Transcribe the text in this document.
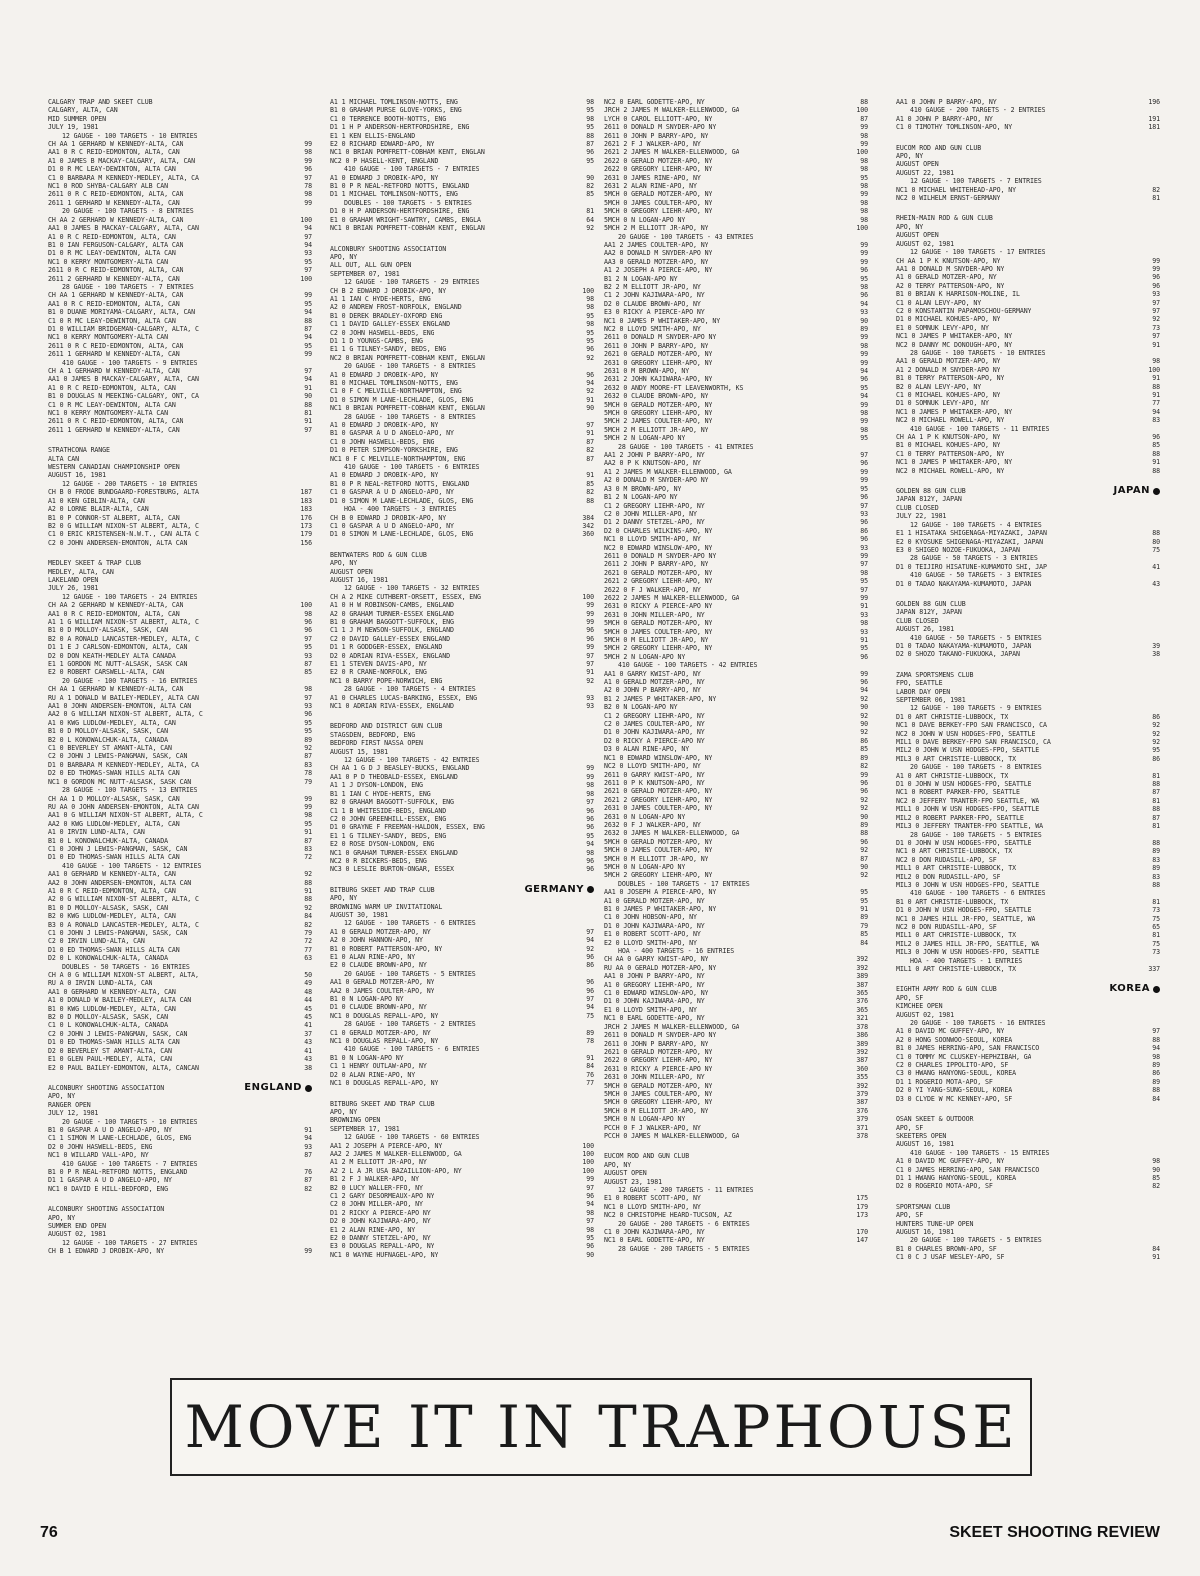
CALGARY TRAP AND SKEET CLUB
CALGARY, ALTA, CAN
MID SUMMER OPEN
JULY 19, 1981
12 GAUGE - 100 TARGETS - 10 ENTRIES
CH AA 1 GERHARD W KENNEDY-ALTA, CAN	99
AA1 0 R C REID-EDMONTON, ALTA, CAN	98
A1 0 JAMES B MACKAY-CALGARY, ALTA, CAN	99
D1 0 R MC LEAY-DEWINTON, ALTA CAN	96
C1 0 BARBARA M KENNEDY-MEDLEY, ALTA, CA	97
NC1 0 ROD SHYBA-CALGARY ALB CAN	78
2611 0 R C REID-EDMONTON, ALTA, CAN	98
2611 1 GERHARD W KENNEDY-ALTA, CAN	99
20 GAUGE - 100 TARGETS - 8 ENTRIES
CH AA 2 GERHARD W KENNEDY-ALTA, CAN	100
AA1 0 JAMES B MACKAY-CALGARY, ALTA, CAN	94
A1 0 R C REID-EDMONTON, ALTA, CAN	97
B1 0 IAN FERGUSON-CALGARY, ALTA CAN	94
D1 0 R MC LEAY-DEWINTON, ALTA CAN	93
NC1 0 KERRY MONTGOMERY-ALTA CAN	95
2611 0 R C REID-EDMONTON, ALTA, CAN	97
2611 2 GERHARD W KENNEDY-ALTA, CAN	100
28 GAUGE - 100 TARGETS - 7 ENTRIES
CH AA 1 GERHARD W KENNEDY-ALTA, CAN	99
AA1 0 R C REID-EDMONTON, ALTA, CAN	95
B1 0 DUANE MORIYAMA-CALGARY, ALTA, CAN	94
C1 0 R MC LEAY-DEWINTON, ALTA CAN	88
D1 0 WILLIAM BRIDGEMAN-CALGARY, ALTA, C	87
NC1 0 KERRY MONTGOMERY-ALTA CAN	94
2611 0 R C REID-EDMONTON, ALTA, CAN	95
2611 1 GERHARD W KENNEDY-ALTA, CAN	99
410 GAUGE - 100 TARGETS - 9 ENTRIES
CH A 1 GERHARD W KENNEDY-ALTA, CAN	97
AA1 0 JAMES B MACKAY-CALGARY, ALTA, CAN	94
A1 0 R C REID-EDMONTON, ALTA, CAN	91
B1 0 DOUGLAS N MEEKING-CALGARY, ONT, CA	90
C1 0 R MC LEAY-DEWINTON, ALTA CAN	88
NC1 0 KERRY MONTGOMERY-ALTA CAN	81
2611 0 R C REID-EDMONTON, ALTA, CAN	91
2611 1 GERHARD W KENNEDY-ALTA, CAN	97
STRATHCONA RANGE
ALTA CAN
WESTERN CANADIAN CHAMPIONSHIP OPEN
AUGUST 16, 1981
12 GAUGE - 200 TARGETS - 10 ENTRIES
CH B 0 FRODE BUNDGAARD-FORESTBURG, ALTA	187
A1 0 KEN GIBLIN-ALTA, CAN	183
A2 0 LORNE BLAIR-ALTA, CAN	183
B1 0 P CONNOR-ST ALBERT, ALTA, CAN	176
B2 0 G WILLIAM NIXON-ST ALBERT, ALTA, C	173
C1 0 ERIC KRISTENSEN-N.W.T., CAN ALTA C	179
C2 0 JOHN ANDERSEN-EMONTON, ALTA CAN	156
MEDLEY SKEET & TRAP CLUB
MEDLEY, ALTA, CAN
LAKELAND OPEN
JULY 26, 1981
12 GAUGE - 100 TARGETS - 24 ENTRIES
CH AA 2 GERHARD W KENNEDY-ALTA, CAN	100
AA1 0 R C REID-EDMONTON, ALTA, CAN	98
A1 1 G WILLIAM NIXON-ST ALBERT, ALTA, C	96
B1 0 D MOLLOY-ALSASK, SASK, CAN	96
B2 0 A RONALD LANCASTER-MEDLEY, ALTA, C	97
D1 1 E J CARLSON-EDMONTON, ALTA, CAN	95
D2 0 DON KEATH-MEDLEY ALTA CANADA	93
E1 1 GORDON MC NUTT-ALSASK, SASK CAN	87
E2 0 ROBERT CARSWELL-ALTA, CAN	85
20 GAUGE - 100 TARGETS - 16 ENTRIES
CH AA 1 GERHARD W KENNEDY-ALTA, CAN	98
RU A 1 DONALD W BAILEY-MEDLEY, ALTA CAN	97
AA1 0 JOHN ANDERSEN-EMONTON, ALTA CAN	93
AA2 0 G WILLIAM NIXON-ST ALBERT, ALTA, C	96
A1 0 KWG LUDLOW-MEDLEY, ALTA, CAN	95
B1 0 D MOLLOY-ALSASK, SASK, CAN	95
B2 0 L KONOWALCHUK-ALTA, CANADA	89
C1 0 BEVERLEY ST AMANT-ALTA, CAN	92
C2 0 JOHN J LEWIS-PANGMAN, SASK, CAN	87
D1 0 BARBARA M KENNEDY-MEDLEY, ALTA, CA	83
D2 0 ED THOMAS-SWAN HILLS ALTA CAN	78
NC1 0 GORDON MC NUTT-ALSASK, SASK CAN	79
28 GAUGE - 100 TARGETS - 13 ENTRIES
CH AA 1 D MOLLOY-ALSASK, SASK, CAN	99
RU AA 0 JOHN ANDERSEN-EMONTON, ALTA CAN	99
AA1 0 G WILLIAM NIXON-ST ALBERT, ALTA, C	98
AA2 0 KWG LUDLOW-MEDLEY, ALTA, CAN	95
A1 0 IRVIN LUND-ALTA, CAN	91
B1 0 L KONOWALCHUK-ALTA, CANADA	87
C1 0 JOHN J LEWIS-PANGMAN, SASK, CAN	83
D1 0 ED THOMAS-SWAN HILLS ALTA CAN	72
410 GAUGE - 100 TARGETS - 12 ENTRIES
AA1 0 GERHARD W KENNEDY-ALTA, CAN	92
AA2 0 JOHN ANDERSEN-EMONTON, ALTA CAN	88
A1 0 R C REID-EDMONTON, ALTA, CAN	91
A2 0 G WILLIAM NIXON-ST ALBERT, ALTA, C	88
B1 0 D MOLLOY-ALSASK, SASK, CAN	92
B2 0 KWG LUDLOW-MEDLEY, ALTA, CAN	84
B3 0 A RONALD LANCASTER-MEDLEY, ALTA, C	82
C1 0 JOHN J LEWIS-PANGMAN, SASK, CAN	79
C2 0 IRVIN LUND-ALTA, CAN	72
D1 0 ED THOMAS-SWAN HILLS ALTA CAN	77
D2 0 L KONOWALCHUK-ALTA, CANADA	63
DOUBLES - 50 TARGETS - 16 ENTRIES
CH A 0 G WILLIAM NIXON-ST ALBERT, ALTA,	50
RU A 0 IRVIN LUND-ALTA, CAN	49
AA1 0 GERHARD W KENNEDY-ALTA, CAN	48
A1 0 DONALD W BAILEY-MEDLEY, ALTA CAN	44
B1 0 KWG LUDLOW-MEDLEY, ALTA, CAN	45
B2 0 D MOLLOY-ALSASK, SASK, CAN	45
C1 0 L KONOWALCHUK-ALTA, CANADA	41
C2 0 JOHN J LEWIS-PANGMAN, SASK, CAN	37
D1 0 ED THOMAS-SWAN HILLS ALTA CAN	43
D2 0 BEVERLEY ST AMANT-ALTA, CAN	41
E1 0 GLEN PAUL-MEDLEY, ALTA, CAN	43
E2 0 PAUL BAILEY-EDMONTON, ALTA, CANCAN	38
ALCONBURY SHOOTING ASSOCIATION	ENGLAND
APO, NY
RANGER OPEN
JULY 12, 1981
20 GAUGE - 100 TARGETS - 10 ENTRIES
B1 0 GASPAR A U D ANGELO-APO, NY	91
C1 1 SIMON M LANE-LECHLADE, GLOS, ENG	94
D2 0 JOHN HASWELL-BEDS, ENG	93
NC1 0 WILLARD VALL-APO, NY	87
410 GAUGE - 100 TARGETS - 7 ENTRIES
B1 0 P R NEAL-RETFORD NOTTS, ENGLAND	76
D1 1 GASPAR A U D ANGELO-APO, NY	87
NC1 0 DAVID E HILL-BEDFORD, ENG	82
ALCONBURY SHOOTING ASSOCIATION
APO, NY
SUMMER END OPEN
AUGUST 02, 1981
12 GAUGE - 100 TARGETS - 27 ENTRIES
CH B 1 EDWARD J DROBIK-APO, NY	99
A1 1 MICHAEL TOMLINSON-NOTTS, ENG	98
B1 0 GRAHAM PURSE GLOVE-YORKS, ENG	95
C1 0 TERRENCE BOOTH-NOTTS, ENG	98
D1 1 H P ANDERSON-HERTFORDSHIRE, ENG	95
E1 1 KEN ELLIS-ENGLAND	88
E2 0 RICHARD EDWARD-APO, NY	87
NC1 0 BRIAN POMFRETT-COBHAM KENT, ENGLAN	96
NC2 0 P HASELL-KENT, ENGLAND	95
410 GAUGE - 100 TARGETS - 7 ENTRIES
A1 0 EDWARD J DROBIK-APO, NY	90
B1 0 P R NEAL-RETFORD NOTTS, ENGLAND	82
D1 1 MICHAEL TOMLINSON-NOTTS, ENG	85
DOUBLES - 100 TARGETS - 5 ENTRIES
D1 0 H P ANDERSON-HERTFORDSHIRE, ENG	81
E1 0 GRAHAM WRIGHT-SAWTRY, CAMBS, ENGLA	64
NC1 0 BRIAN POMFRETT-COBHAM KENT, ENGLAN	92
ALCONBURY SHOOTING ASSOCIATION
APO, NY
ALL OUT, ALL GUN OPEN
SEPTEMBER 07, 1981
12 GAUGE - 100 TARGETS - 29 ENTRIES
CH B 2 EDWARD J DROBIK-APO, NY	100
A1 1 IAN C HYDE-HERTS, ENG	98
A2 0 ANDREW FROST-NORFOLK, ENGLAND	98
B1 0 DEREK BRADLEY-OXFORD ENG	95
C1 1 DAVID GALLEY-ESSEX ENGLAND	98
C2 0 JOHN HASWELL-BEDS, ENG	95
D1 1 D YOUNGS-CAMBS, ENG	95
E1 1 G TILNEY-SANDY, BEDS, ENG	96
NC2 0 BRIAN POMFRETT-COBHAM KENT, ENGLAN	92
20 GAUGE - 100 TARGETS - 8 ENTRIES
A1 0 EDWARD J DROBIK-APO, NY	96
B1 0 MICHAEL TOMLINSON-NOTTS, ENG	94
C1 0 F C MELVILLE-NORTHAMPTON, ENG	92
D1 0 SIMON M LANE-LECHLADE, GLOS, ENG	91
NC1 0 BRIAN POMFRETT-COBHAM KENT, ENGLAN	90
28 GAUGE - 100 TARGETS - 8 ENTRIES
A1 0 EDWARD J DROBIK-APO, NY	97
B1 0 GASPAR A U D ANGELO-APO, NY	91
C1 0 JOHN HASWELL-BEDS, ENG	87
D1 0 PETER SIMPSON-YORKSHIRE, ENG	82
NC1 0 F C MELVILLE-NORTHAMPTON, ENG	87
410 GAUGE - 100 TARGETS - 6 ENTRIES
A1 0 EDWARD J DROBIK-APO, NY	91
B1 0 P R NEAL-RETFORD NOTTS, ENGLAND	85
C1 0 GASPAR A U D ANGELO-APO, NY	82
D1 0 SIMON M LANE-LECHLADE, GLOS, ENG	88
HOA - 400 TARGETS - 3 ENTRIES
CH B 0 EDWARD J DROBIK-APO, NY	384
C1 0 GASPAR A U D ANGELO-APO, NY	342
D1 0 SIMON M LANE-LECHLADE, GLOS, ENG	360
BENTWATERS ROD & GUN CLUB
APO, NY
AUGUST OPEN
AUGUST 16, 1981
12 GAUGE - 100 TARGETS - 32 ENTRIES
CH A 2 MIKE CUTHBERT-ORSETT, ESSEX, ENG	100
A1 0 H W ROBINSON-CAMBS, ENGLAND	99
A2 0 GRAHAM TURNER-ESSEX ENGLAND	99
B1 0 GRAHAM BAGGOTT-SUFFOLK, ENG	99
C1 1 J M NEWSON-SUFFOLK, ENGLAND	96
C2 0 DAVID GALLEY-ESSEX ENGLAND	96
D1 1 R GODDGER-ESSEX, ENGLAND	99
D2 0 ADRIAN RIVA-ESSEX, ENGLAND	97
E1 1 STEVEN DAVIS-APO, NY	97
E2 0 R CRANE-NORFOLK, ENG	91
NC1 0 BARRY POPE-NORWICH, ENG	92
28 GAUGE - 100 TARGETS - 4 ENTRIES
A1 0 CHARLES LUCAS-BARKING, ESSEX, ENG	93
NC1 0 ADRIAN RIVA-ESSEX, ENGLAND	93
BEDFORD AND DISTRICT GUN CLUB
STAGSDEN, BEDFORD, ENG
BEDFORD FIRST NASSA OPEN
AUGUST 15, 1981
12 GAUGE - 100 TARGETS - 42 ENTRIES
CH AA 1 G D J BEASLEY-BUCKS, ENGLAND	99
AA1 0 P D THEOBALD-ESSEX, ENGLAND	99
A1 1 J DYSON-LONDON, ENG	98
B1 1 IAN C HYDE-HERTS, ENG	98
B2 0 GRAHAM BAGGOTT-SUFFOLK, ENG	97
C1 1 B WHITESIDE-BEDS, ENGLAND	96
C2 0 JOHN GREENHILL-ESSEX, ENG	96
D1 0 GRAYNE F FREEMAN-HALDON, ESSEX, ENG	96
E1 1 G TILNEY-SANDY, BEDS, ENG	95
E2 0 ROSE DYSON-LONDON, ENG	94
NC1 0 GRAHAM TURNER-ESSEX ENGLAND	98
NC2 0 R BICKERS-BEDS, ENG	96
NC3 0 LESLIE BURTON-ONGAR, ESSEX	96
BITBURG SKEET AND TRAP CLUB	GERMANY
APO, NY
BROWNING WARM UP INVITATIONAL
AUGUST 30, 1981
12 GAUGE - 100 TARGETS - 6 ENTRIES
A1 0 GERALD MOTZER-APO, NY	97
A2 0 JOHN HANNON-APO, NY	94
B1 0 ROBERT PATTERSON-APO, NY	92
E1 0 ALAN RINE-APO, NY	96
E2 0 CLAUDE BROWN-APO, NY	86
20 GAUGE - 100 TARGETS - 5 ENTRIES
AA1 0 GERALD MOTZER-APO, NY	96
AA2 0 JAMES COULTER-APO, NY	96
B1 0 N LOGAN-APO NY	97
D1 0 CLAUDE BROWN-APO, NY	94
NC1 0 DOUGLAS REPALL-APO, NY	75
28 GAUGE - 100 TARGETS - 2 ENTRIES
C1 0 GERALD MOTZER-APO, NY	89
NC1 0 DOUGLAS REPALL-APO, NY	78
410 GAUGE - 100 TARGETS - 6 ENTRIES
B1 0 N LOGAN-APO NY	91
C1 1 HENRY OUTLAW-APO, NY	84
D2 0 ALAN RINE-APO, NY	76
NC1 0 DOUGLAS REPALL-APO, NY	77
BITBURG SKEET AND TRAP CLUB
APO, NY
BROWNING OPEN
SEPTEMBER 17, 1981
12 GAUGE - 100 TARGETS - 60 ENTRIES
AA1 2 JOSEPH A PIERCE-APO, NY	100
AA2 2 JAMES M WALKER-ELLENWOOD, GA	100
A1 2 M ELLIOTT JR-APO, NY	100
A2 2 L A JR USA BAZAILLION-APO, NY	100
B1 2 F J WALKER-APO, NY	99
B2 0 LUCY WALLER-FFO, NY	97
C1 2 GARY DESORMEAUX-APO NY	96
C2 0 JOHN MILLER-APO, NY	94
D1 2 RICKY A PIERCE-APO NY	98
D2 0 JOHN KAJIWARA-APO, NY	97
E1 2 ALAN RINE-APO, NY	98
E2 0 DANNY STETZEL-APO, NY	95
E3 0 DOUGLAS REPALL-APO, NY	96
NC1 0 WAYNE HUFNAGEL-APO, NY	90
NC2 0 EARL GODETTE-APO, NY	88
JRCH 2 JAMES M WALKER-ELLENWOOD, GA	100
LYCH 0 CAROL ELLIOTT-APO, NY	87
2611 0 DONALD M SNYDER-APO NY	99
2611 0 JOHN P BARRY-APO, NY	98
2621 2 F J WALKER-APO, NY	99
2621 2 JAMES M WALKER-ELLENWOOD, GA	100
2622 0 GERALD MOTZER-APO, NY	98
2622 0 GREGORY LIEHR-APO, NY	98
2631 0 JAMES RINE-APO, NY	95
2631 2 ALAN RINE-APO, NY	98
5MCH 0 GERALD MOTZER-APO, NY	99
5MCH 0 JAMES COULTER-APO, NY	98
5MCH 0 GREGORY LIEHR-APO, NY	98
5MCH 0 N LOGAN-APO NY	98
5MCH 2 M ELLIOTT JR-APO, NY	100
20 GAUGE - 100 TARGETS - 43 ENTRIES
AA1 2 JAMES COULTER-APO, NY	99
AA2 0 DONALD M SNYDER-APO NY	99
AA3 0 GERALD MOTZER-APO, NY	99
A1 2 JOSEPH A PIERCE-APO, NY	96
B1 2 N LOGAN-APO NY	95
B2 2 M ELLIOTT JR-APO, NY	98
C1 2 JOHN KAJIWARA-APO, NY	96
D2 0 CLAUDE BROWN-APO, NY	94
E3 0 RICKY A PIERCE-APO NY	93
NC1 0 JAMES P WHITAKER-APO, NY	90
NC2 0 LLOYD SMITH-APO, NY	89
2611 0 DONALD M SNYDER-APO NY	99
2611 0 JOHN P BARRY-APO, NY	98
2621 0 GERALD MOTZER-APO, NY	99
2631 0 GREGORY LIEHR-APO, NY	99
2631 0 M BROWN-APO, NY	94
2631 2 JOHN KAJIWARA-APO, NY	96
2632 0 ANDY MOORE-FT LEAVENWORTH, KS	95
2632 0 CLAUDE BROWN-APO, NY	94
5MCH 0 GERALD MOTZER-APO, NY	99
5MCH 0 GREGORY LIEHR-APO, NY	98
5MCH 2 JAMES COULTER-APO, NY	99
5MCH 2 M ELLIOTT JR-APO, NY	98
5MCH 2 N LOGAN-APO NY	95
28 GAUGE - 100 TARGETS - 41 ENTRIES
AA1 2 JOHN P BARRY-APO, NY	97
AA2 0 P K KNUTSON-APO, NY	96
A1 2 JAMES M WALKER-ELLENWOOD, GA	99
A2 0 DONALD M SNYDER-APO NY	99
A3 0 M BROWN-APO, NY	95
B1 2 N LOGAN-APO NY	96
C1 2 GREGORY LIEHR-APO, NY	97
C2 0 JOHN MILLER-APO, NY	93
D1 2 DANNY STETZEL-APO, NY	96
D2 0 CHARLES WILKINS-APO, NY	86
NC1 0 LLOYD SMITH-APO, NY	96
NC2 0 EDWARD WINSLOW-APO, NY	93
2611 0 DONALD M SNYDER-APO NY	99
2611 2 JOHN P BARRY-APO, NY	97
2621 0 GERALD MOTZER-APO, NY	98
2621 2 GREGORY LIEHR-APO, NY	95
2622 0 F J WALKER-APO, NY	97
2622 2 JAMES M WALKER-ELLENWOOD, GA	99
2631 0 RICKY A PIERCE-APO NY	91
2631 0 JOHN MILLER-APO, NY	93
5MCH 0 GERALD MOTZER-APO, NY	98
5MCH 0 JAMES COULTER-APO, NY	93
5MCH 0 M ELLIOTT JR-APO, NY	91
5MCH 2 GREGORY LIEHR-APO, NY	95
5MCH 2 N LOGAN-APO NY	96
410 GAUGE - 100 TARGETS - 42 ENTRIES
AA1 0 GARRY KWIST-APO, NY	99
A1 0 GERALD MOTZER-APO, NY	96
A2 0 JOHN P BARRY-APO, NY	94
B1 2 JAMES P WHITAKER-APO, NY	92
B2 0 N LOGAN-APO NY	90
C1 2 GREGORY LIEHR-APO, NY	92
C2 0 JAMES COULTER-APO, NY	90
D1 0 JOHN KAJIWARA-APO, NY	92
D2 0 RICKY A PIERCE-APO NY	86
D3 0 ALAN RINE-APO, NY	85
NC1 0 EDWARD WINSLOW-APO, NY	89
NC2 0 LLOYD SMITH-APO, NY	82
2611 0 GARRY KWIST-APO, NY	99
2611 0 P K KNUTSON-APO, NY	96
2621 0 GERALD MOTZER-APO, NY	96
2621 2 GREGORY LIEHR-APO, NY	92
2631 0 JAMES COULTER-APO, NY	92
2631 0 N LOGAN-APO NY	90
2632 0 F J WALKER-APO, NY	89
2632 0 JAMES M WALKER-ELLENWOOD, GA	88
5MCH 0 GERALD MOTZER-APO, NY	96
5MCH 0 JAMES COULTER-APO, NY	92
5MCH 0 M ELLIOTT JR-APO, NY	87
5MCH 0 N LOGAN-APO NY	90
5MCH 2 GREGORY LIEHR-APO, NY	92
DOUBLES - 100 TARGETS - 17 ENTRIES
AA1 0 JOSEPH A PIERCE-APO, NY	95
A1 0 GERALD MOTZER-APO, NY	95
B1 0 JAMES P WHITAKER-APO, NY	91
C1 0 JOHN HOBSON-APO, NY	89
D1 0 JOHN KAJIWARA-APO, NY	79
E1 0 ROBERT SCOTT-APO, NY	85
E2 0 LLOYD SMITH-APO, NY	84
HOA - 400 TARGETS - 16 ENTRIES
CH AA 0 GARRY KWIST-APO, NY	392
RU AA 0 GERALD MOTZER-APO, NY	392
AA1 0 JOHN P BARRY-APO, NY	389
A1 0 GREGORY LIEHR-APO, NY	387
C1 0 EDWARD WINSLOW-APO, NY	365
D1 0 JOHN KAJIWARA-APO, NY	376
E1 0 LLOYD SMITH-APO, NY	365
NC1 0 EARL GODETTE-APO, NY	321
JRCH 2 JAMES M WALKER-ELLENWOOD, GA	378
2611 0 DONALD M SNYDER-APO NY	386
2611 0 JOHN P BARRY-APO, NY	389
2621 0 GERALD MOTZER-APO, NY	392
2622 0 GREGORY LIEHR-APO, NY	387
2631 0 RICKY A PIERCE-APO NY	360
2631 0 JOHN MILLER-APO, NY	355
5MCH 0 GERALD MOTZER-APO, NY	392
5MCH 0 JAMES COULTER-APO, NY	379
5MCH 0 GREGORY LIEHR-APO, NY	387
5MCH 0 M ELLIOTT JR-APO, NY	376
5MCH 0 N LOGAN-APO NY	379
PCCH 0 F J WALKER-APO, NY	371
PCCH 0 JAMES M WALKER-ELLENWOOD, GA	378
EUCOM ROD AND GUN CLUB
APO, NY
AUGUST OPEN
AUGUST 23, 1981
12 GAUGE - 200 TARGETS - 11 ENTRIES
E1 0 ROBERT SCOTT-APO, NY	175
NC1 0 LLOYD SMITH-APO, NY	179
NC2 0 CHRISTOPHE HEARD-TUCSON, AZ	173
20 GAUGE - 200 TARGETS - 6 ENTRIES
C1 0 JOHN KAJIWARA-APO, NY	170
NC1 0 EARL GODETTE-APO, NY	147
28 GAUGE - 200 TARGETS - 5 ENTRIES
AA1 0 JOHN P BARRY-APO, NY	196
410 GAUGE - 200 TARGETS - 2 ENTRIES
A1 0 JOHN P BARRY-APO, NY	191
C1 0 TIMOTHY TOMLINSON-APO, NY	181
EUCOM ROD AND GUN CLUB
APO, NY
AUGUST OPEN
AUGUST 22, 1981
12 GAUGE - 100 TARGETS - 7 ENTRIES
NC1 0 MICHAEL WHITEHEAD-APO, NY	82
NC2 0 WILHELM ERNST-GERMANY	81
RHEIN-MAIN ROD & GUN CLUB
APO, NY
AUGUST OPEN
AUGUST 02, 1981
12 GAUGE - 100 TARGETS - 17 ENTRIES
CH AA 1 P K KNUTSON-APO, NY	99
AA1 0 DONALD M SNYDER-APO NY	99
A1 0 GERALD MOTZER-APO, NY	96
A2 0 TERRY PATTERSON-APO, NY	96
B1 0 BRIAN K HARRISON-MOLINE, IL	93
C1 0 ALAN LEVY-APO, NY	97
C2 0 KONSTANTIN PAPAMOSCHOU-GERMANY	97
D1 0 MICHAEL KOHUES-APO, NY	92
E1 0 SOMNUK LEVY-APO, NY	73
NC1 0 JAMES P WHITAKER-APO, NY	97
NC2 0 DANNY MC DONOUGH-APO, NY	91
28 GAUGE - 100 TARGETS - 10 ENTRIES
AA1 0 GERALD MOTZER-APO, NY	98
A1 2 DONALD M SNYDER-APO NY	100
B1 0 TERRY PATTERSON-APO, NY	91
B2 0 ALAN LEVY-APO, NY	88
C1 0 MICHAEL KOHUES-APO, NY	91
D1 0 SOMNUK LEVY-APO, NY	77
NC1 0 JAMES P WHITAKER-APO, NY	94
NC2 0 MICHAEL ROWELL-APO, NY	83
410 GAUGE - 100 TARGETS - 11 ENTRIES
CH AA 1 P K KNUTSON-APO, NY	96
B1 0 MICHAEL KOHUES-APO, NY	85
C1 0 TERRY PATTERSON-APO, NY	88
NC1 0 JAMES P WHITAKER-APO, NY	91
NC2 0 MICHAEL ROWELL-APO, NY	88
GOLDEN 88 GUN CLUB	JAPAN
JAPAN 812Y, JAPAN
CLUB CLOSED
JULY 22, 1981
12 GAUGE - 100 TARGETS - 4 ENTRIES
E1 1 HISATAKA SHIGENAGA-MIYAZAKI, JAPAN	88
E2 0 KYOSUKE SHIGENAGA-MIYAZAKI, JAPAN	80
E3 0 SHIGEO NOZOE-FUKUOKA, JAPAN	75
28 GAUGE - 50 TARGETS - 3 ENTRIES
D1 0 TEIJIRO HISATUNE-KUMAMOTO SHI, JAP	41
410 GAUGE - 50 TARGETS - 3 ENTRIES
D1 0 TADAO NAKAYAMA-KUMAMOTO, JAPAN	43
GOLDEN 88 GUN CLUB
JAPAN 812Y, JAPAN
CLUB CLOSED
AUGUST 26, 1981
410 GAUGE - 50 TARGETS - 5 ENTRIES
D1 0 TADAO NAKAYAMA-KUMAMOTO, JAPAN	39
D2 0 SHOZO TAKANO-FUKUOKA, JAPAN	38
ZAMA SPORTSMENS CLUB
FPO, SEATTLE
LABOR DAY OPEN
SEPTEMBER 06, 1981
12 GAUGE - 100 TARGETS - 9 ENTRIES
D1 0 ART CHRISTIE-LUBBOCK, TX	86
NC1 0 DAVE BERKEY-FPO SAN FRANCISCO, CA	92
NC2 0 JOHN W USN HODGES-FPO, SEATTLE	92
MIL1 0 DAVE BERKEY-FPO SAN FRANCISCO, CA	92
MIL2 0 JOHN W USN HODGES-FPO, SEATTLE	95
MIL3 0 ART CHRISTIE-LUBBOCK, TX	86
20 GAUGE - 100 TARGETS - 8 ENTRIES
A1 0 ART CHRISTIE-LUBBOCK, TX	81
D1 0 JOHN W USN HODGES-FPO, SEATTLE	88
NC1 0 ROBERT PARKER-FPO, SEATTLE	87
NC2 0 JEFFERY TRANTER-FPO SEATTLE, WA	81
MIL1 0 JOHN W USN HODGES-FPO, SEATTLE	88
MIL2 0 ROBERT PARKER-FPO, SEATTLE	87
MIL3 0 JEFFERY TRANTER-FPO SEATTLE, WA	81
28 GAUGE - 100 TARGETS - 5 ENTRIES
D1 0 JOHN W USN HODGES-FPO, SEATTLE	88
NC1 0 ART CHRISTIE-LUBBOCK, TX	89
NC2 0 DON RUDASILL-APO, SF	83
MIL1 0 ART CHRISTIE-LUBBOCK, TX	89
MIL2 0 DON RUDASILL-APO, SF	83
MIL3 0 JOHN W USN HODGES-FPO, SEATTLE	88
410 GAUGE - 100 TARGETS - 6 ENTRIES
B1 0 ART CHRISTIE-LUBBOCK, TX	81
D1 0 JOHN W USN HODGES-FPO, SEATTLE	73
NC1 0 JAMES HILL JR-FPO, SEATTLE, WA	75
NC2 0 DON RUDASILL-APO, SF	65
MIL1 0 ART CHRISTIE-LUBBOCK, TX	81
MIL2 0 JAMES HILL JR-FPO, SEATTLE, WA	75
MIL3 0 JOHN W USN HODGES-FPO, SEATTLE	73
HOA - 400 TARGETS - 1 ENTRIES
MIL1 0 ART CHRISTIE-LUBBOCK, TX	337
EIGHTH ARMY ROD & GUN CLUB	KOREA
APO, SF
KIMCHEE OPEN
AUGUST 02, 1981
20 GAUGE - 100 TARGETS - 16 ENTRIES
A1 0 DAVID MC GUFFEY-APO, NY	97
A2 0 HONG SOONWOO-SEOUL, KOREA	88
B1 0 JAMES HERRING-APO, SAN FRANCISCO	94
C1 0 TOMMY MC CLUSKEY-HEPHZIBAH, GA	98
C2 0 CHARLES IPPOLITO-APO, SF	89
C3 0 HWANG HANYONG-SEOUL, KOREA	86
D1 1 ROGERIO MOTA-APO, SF	89
D2 0 YI YANG-SUNG-SEOUL, KOREA	88
D3 0 CLYDE W MC KENNEY-APO, SF	84
OSAN SKEET & OUTDOOR
APO, SF
SKEETERS OPEN
AUGUST 16, 1981
410 GAUGE - 100 TARGETS - 15 ENTRIES
A1 0 DAVID MC GUFFEY-APO, NY	98
C1 0 JAMES HERRING-APO, SAN FRANCISCO	90
D1 1 HWANG HANYONG-SEOUL, KOREA	85
D2 0 ROGERIO MOTA-APO, SF	82
SPORTSMAN CLUB
APO, SF
HUNTERS TUNE-UP OPEN
AUGUST 16, 1981
20 GAUGE - 100 TARGETS - 5 ENTRIES
B1 0 CHARLES BROWN-APO, SF	84
C1 0 C J USAF WESLEY-APO, SF	91
MOVE IT IN TRAPHOUSE
76	SKEET SHOOTING REVIEW
